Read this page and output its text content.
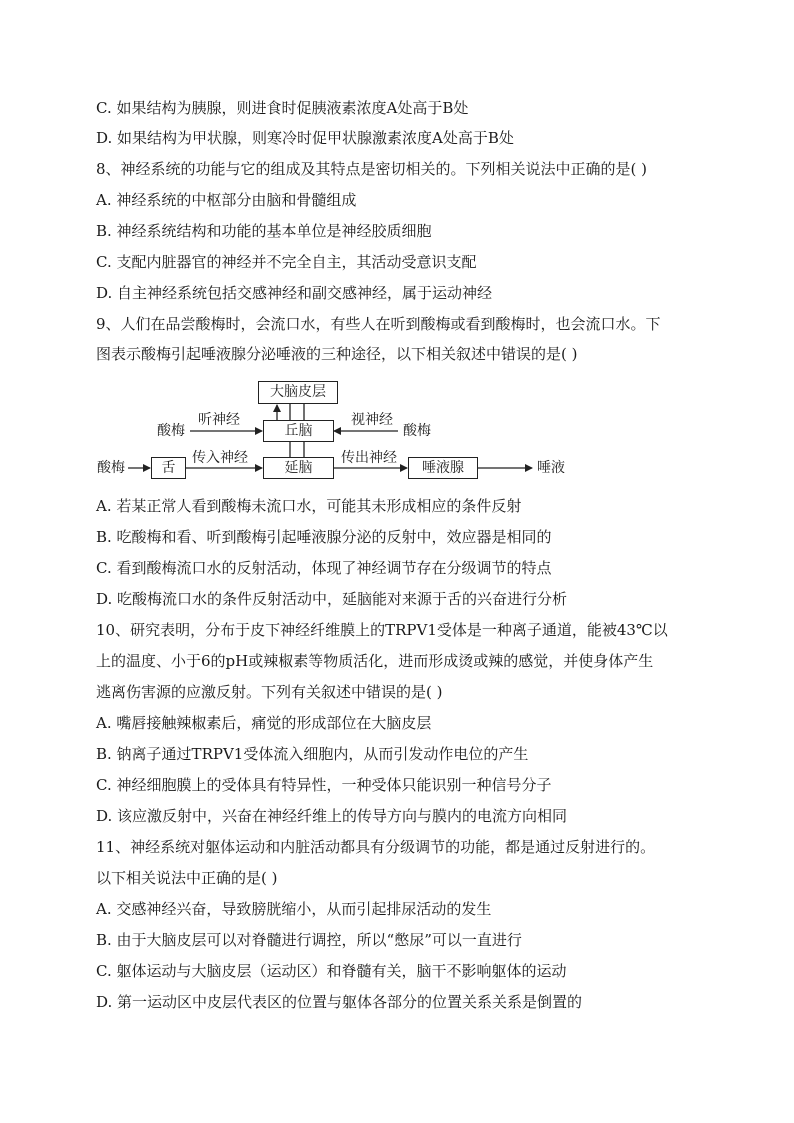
C. 如果结构为胰腺，则进食时促胰液素浓度A处高于B处
D. 如果结构为甲状腺，则寒冷时促甲状腺激素浓度A处高于B处
8、神经系统的功能与它的组成及其特点是密切相关的。下列相关说法中正确的是( )
A. 神经系统的中枢部分由脑和骨髓组成
B. 神经系统结构和功能的基本单位是神经胶质细胞
C. 支配内脏器官的神经并不完全自主，其活动受意识支配
D. 自主神经系统包括交感神经和副交感神经，属于运动神经
9、人们在品尝酸梅时，会流口水，有些人在听到酸梅或看到酸梅时，也会流口水。下
图表示酸梅引起唾液腺分泌唾液的三种途径，以下相关叙述中错误的是( )
大脑皮层
丘脑
延脑
舌	唾液腺
酸梅
听神经	视神经
酸梅
酸梅
传入神经	传出神经
唾液
A. 若某正常人看到酸梅未流口水，可能其未形成相应的条件反射
B. 吃酸梅和看、听到酸梅引起唾液腺分泌的反射中，效应器是相同的
C. 看到酸梅流口水的反射活动，体现了神经调节存在分级调节的特点
D. 吃酸梅流口水的条件反射活动中，延脑能对来源于舌的兴奋进行分析
10、研究表明，分布于皮下神经纤维膜上的TRPV1受体是一种离子通道，能被43℃以
上的温度、小于6的pH或辣椒素等物质活化，进而形成烫或辣的感觉，并使身体产生
逃离伤害源的应激反射。下列有关叙述中错误的是( )
A. 嘴唇接触辣椒素后，痛觉的形成部位在大脑皮层
B. 钠离子通过TRPV1受体流入细胞内，从而引发动作电位的产生
C. 神经细胞膜上的受体具有特异性，一种受体只能识别一种信号分子
D. 该应激反射中，兴奋在神经纤维上的传导方向与膜内的电流方向相同
11、神经系统对躯体运动和内脏活动都具有分级调节的功能，都是通过反射进行的。
以下相关说法中正确的是( )
A. 交感神经兴奋，导致膀胱缩小，从而引起排尿活动的发生
B. 由于大脑皮层可以对脊髓进行调控，所以“憋尿”可以一直进行
C. 躯体运动与大脑皮层（运动区）和脊髓有关，脑干不影响躯体的运动
D. 第一运动区中皮层代表区的位置与躯体各部分的位置关系关系是倒置的
